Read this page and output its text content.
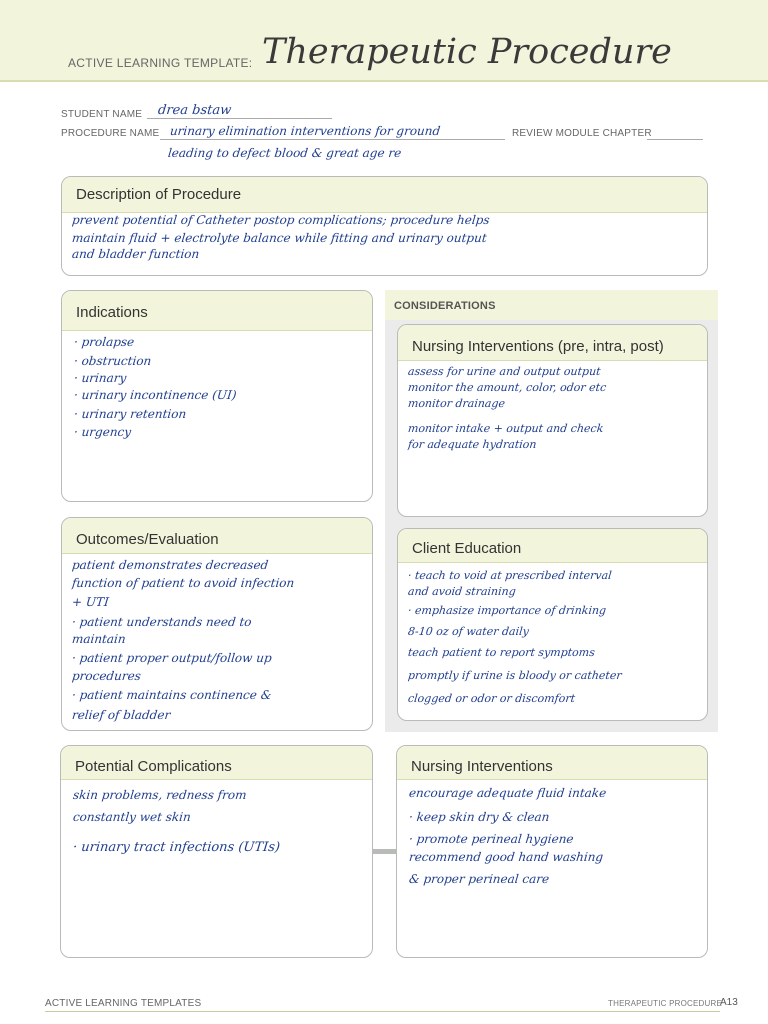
ACTIVE LEARNING TEMPLATE: Therapeutic Procedure
STUDENT NAME drea bstaw
PROCEDURE NAME urinary elimination interventions for ground
leading to defect blood & great age re
REVIEW MODULE CHAPTER
Description of Procedure
prevent potential of Catheter postop complications; procedure helps
maintain fluid + electrolyte balance while fitting and urinary output
and bladder function
Indications
· prolapse
· obstruction
· urinary
· urinary incontinence (UI)
· urinary retention
· urgency
CONSIDERATIONS
Nursing Interventions (pre, intra, post)
assess for urine and output output
monitor the amount, color, odor etc
monitor drainage
monitor intake + output and check
for adequate hydration
Outcomes/Evaluation
patient demonstrates decreased
function of patient to avoid infection
+ UTI
· patient understands need to
maintain
· patient proper output/follow up
procedures
· patient maintains continence &
relief of bladder
Client Education
· teach to void at prescribed interval
and avoid straining
· emphasize importance of drinking
8-10 oz of water daily
teach patient to report symptoms
promptly if urine is bloody or catheter
clogged or odor or discomfort
Potential Complications
skin problems, redness from
constantly wet skin
· urinary tract infections (UTIs)
Nursing Interventions
encourage adequate fluid intake
· keep skin dry & clean
· promote perineal hygiene
recommend good hand washing
& proper perineal care
ACTIVE LEARNING TEMPLATES	THERAPEUTIC PROCEDURE
A13
